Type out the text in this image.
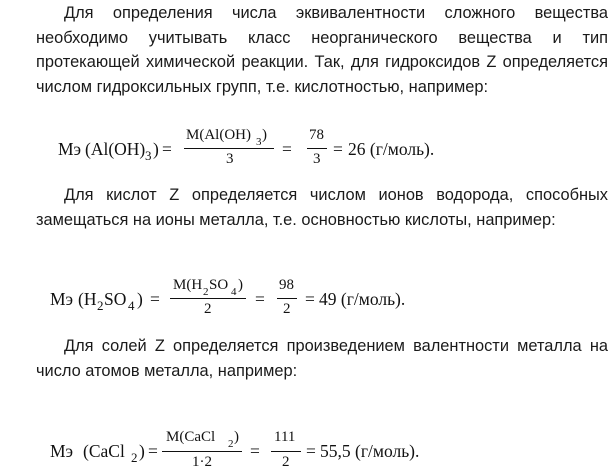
Для определения числа эквивалентности сложного вещества необходимо учитывать класс неорганического вещества и тип протекающей химической реакции. Так, для гидроксидов Z определяется числом гидроксильных групп, т.е. кислотностью, например:

Mэ (Al(OH) 3 ) =
M(Al(OH) 3 )
3	=
78
3 = 26 (г/моль).

Для кислот Z определяется числом ионов водорода, способных замещаться на ионы металла, т.е. основностью кислоты, например:

Mэ (H 2 SO 4 ) =
M(H 2 SO 4 )
2 =
98
2 = 49 (г/моль).

Для солей Z определяется произведением валентности металла на число атомов металла, например:

Mэ (CaCl 2 ) =
M(CaCl 2 )
1·2
=
111
2
= 55,5 (г/моль).
